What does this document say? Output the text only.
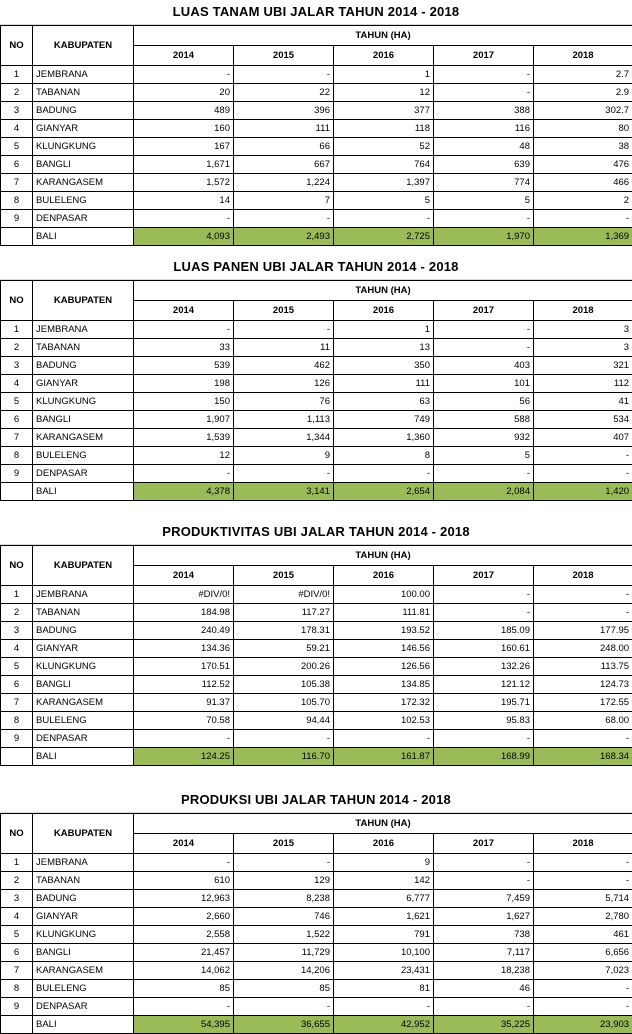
LUAS TANAM UBI JALAR TAHUN 2014 - 2018
NO	KABUPATEN	TAHUN (HA)				
		2014	2015	2016	2017	2018
1	JEMBRANA	-	-	1	-	2.7
2	TABANAN	20	22	12	-	2.9
3	BADUNG	489	396	377	388	302.7
4	GIANYAR	160	111	118	116	80
5	KLUNGKUNG	167	66	52	48	38
6	BANGLI	1,671	667	764	639	476
7	KARANGASEM	1,572	1,224	1,397	774	466
8	BULELENG	14	7	5	5	2
9	DENPASAR	-	-	-	-	-
	BALI	4,093	2,493	2,725	1,970	1,369
LUAS PANEN UBI JALAR TAHUN 2014 - 2018
NO	KABUPATEN	TAHUN (HA)				
		2014	2015	2016	2017	2018
1	JEMBRANA	-	-	1	-	3
2	TABANAN	33	11	13	-	3
3	BADUNG	539	462	350	403	321
4	GIANYAR	198	126	111	101	112
5	KLUNGKUNG	150	76	63	56	41
6	BANGLI	1,907	1,113	749	588	534
7	KARANGASEM	1,539	1,344	1,360	932	407
8	BULELENG	12	9	8	5	-
9	DENPASAR	-	-	-	-	-
	BALI	4,378	3,141	2,654	2,084	1,420
PRODUKTIVITAS UBI JALAR TAHUN 2014 - 2018
NO	KABUPATEN	TAHUN (HA)				
		2014	2015	2016	2017	2018
1	JEMBRANA	#DIV/0!	#DIV/0!	100.00	-	-
2	TABANAN	184.98	117.27	111.81	-	-
3	BADUNG	240.49	178.31	193.52	185.09	177.95
4	GIANYAR	134.36	59.21	146.56	160.61	248.00
5	KLUNGKUNG	170.51	200.26	126.56	132.26	113.75
6	BANGLI	112.52	105.38	134.85	121.12	124.73
7	KARANGASEM	91.37	105.70	172.32	195.71	172.55
8	BULELENG	70.58	94.44	102.53	95.83	68.00
9	DENPASAR	-	-	-	-	-
	BALI	124.25	116.70	161.87	168.99	168.34
PRODUKSI UBI JALAR TAHUN 2014 - 2018
NO	KABUPATEN	TAHUN (HA)				
		2014	2015	2016	2017	2018
1	JEMBRANA	-	-	9	-	-
2	TABANAN	610	129	142	-	-
3	BADUNG	12,963	8,238	6,777	7,459	5,714
4	GIANYAR	2,660	746	1,621	1,627	2,780
5	KLUNGKUNG	2,558	1,522	791	738	461
6	BANGLI	21,457	11,729	10,100	7,117	6,656
7	KARANGASEM	14,062	14,206	23,431	18,238	7,023
8	BULELENG	85	85	81	46	-
9	DENPASAR	-	-	-	-	-
	BALI	54,395	36,655	42,952	35,225	23,903
